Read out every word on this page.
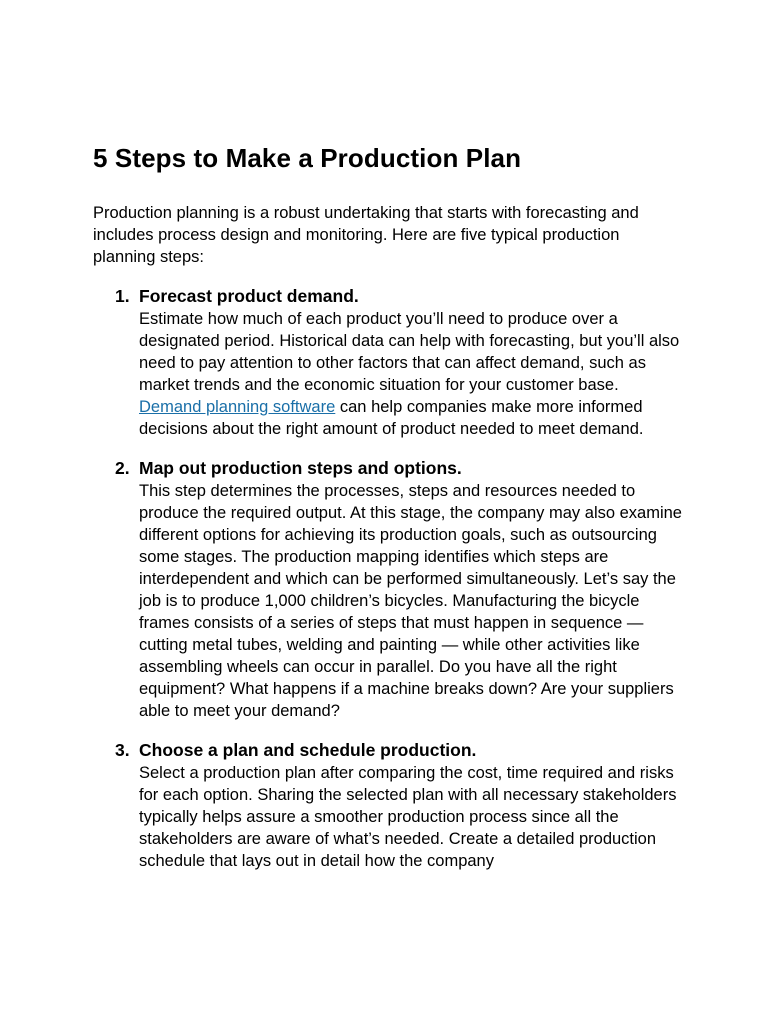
5 Steps to Make a Production Plan

Production planning is a robust undertaking that starts with forecasting and includes process design and monitoring. Here are five typical production planning steps:

1. Forecast product demand.

Estimate how much of each product you’ll need to produce over a designated period. Historical data can help with forecasting, but you’ll also need to pay attention to other factors that can affect demand, such as market trends and the economic situation for your customer base. Demand planning software can help companies make more informed decisions about the right amount of product needed to meet demand.

2. Map out production steps and options.

This step determines the processes, steps and resources needed to produce the required output. At this stage, the company may also examine different options for achieving its production goals, such as outsourcing some stages. The production mapping identifies which steps are interdependent and which can be performed simultaneously. Let’s say the job is to produce 1,000 children’s bicycles. Manufacturing the bicycle frames consists of a series of steps that must happen in sequence — cutting metal tubes, welding and painting — while other activities like assembling wheels can occur in parallel. Do you have all the right equipment? What happens if a machine breaks down? Are your suppliers able to meet your demand?

3. Choose a plan and schedule production.

Select a production plan after comparing the cost, time required and risks for each option. Sharing the selected plan with all necessary stakeholders typically helps assure a smoother production process since all the stakeholders are aware of what’s needed. Create a detailed production schedule that lays out in detail how the company
